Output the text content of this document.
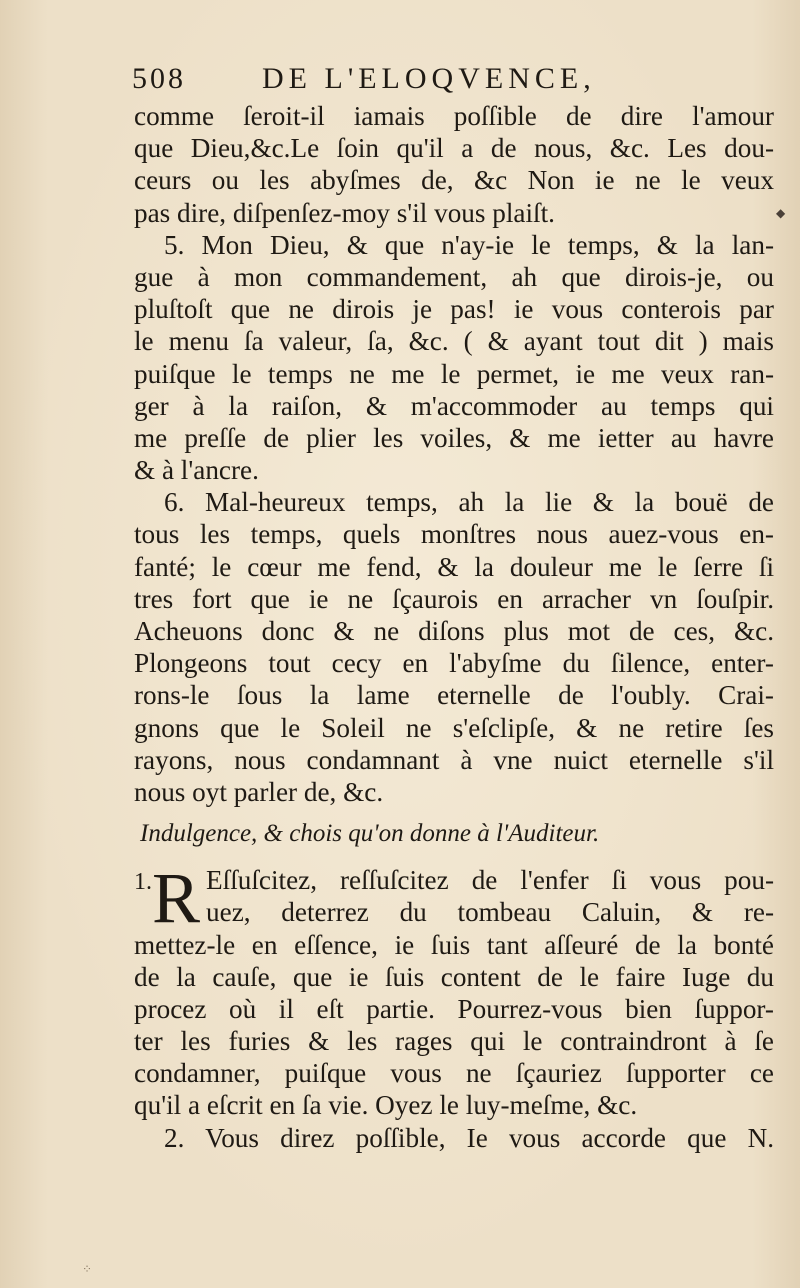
508	DE L'ELOQVENCE,
comme ſeroit-il iamais poſſible de dire l'amour
que Dieu,&c.Le ſoin qu'il a de nous, &c. Les dou-
ceurs ou les abyſmes de, &c Non ie ne le veux
pas dire, diſpenſez-moy s'il vous plaiſt.
5. Mon Dieu, & que n'ay-ie le temps, & la lan-
gue à mon commandement, ah que dirois-je, ou
pluſtoſt que ne dirois je pas! ie vous conterois par
le menu ſa valeur, ſa, &c. ( & ayant tout dit ) mais
puiſque le temps ne me le permet, ie me veux ran-
ger à la raiſon, & m'accommoder au temps qui
me preſſe de plier les voiles, & me ietter au havre
& à l'ancre.
6. Mal-heureux temps, ah la lie & la bouë de
tous les temps, quels monſtres nous auez-vous en-
fanté; le cœur me fend, & la douleur me le ſerre ſi
tres fort que ie ne ſçaurois en arracher vn ſouſpir.
Acheuons donc & ne diſons plus mot de ces, &c.
Plongeons tout cecy en l'abyſme du ſilence, enter-
rons-le ſous la lame eternelle de l'oubly. Crai-
gnons que le Soleil ne s'eſclipſe, & ne retire ſes
rayons, nous condamnant à vne nuict eternelle s'il
nous oyt parler de, &c.
Indulgence, & chois qu'on donne à l'Auditeur.
1. R Eſſuſcitez, reſſuſcitez de l'enfer ſi vous pou-
uez, deterrez du tombeau Caluin, & re-
mettez-le en eſſence, ie ſuis tant aſſeuré de la bonté
de la cauſe, que ie ſuis content de le faire Iuge du
procez où il eſt partie. Pourrez-vous bien ſuppor-
ter les furies & les rages qui le contraindront à ſe
condamner, puiſque vous ne ſçauriez ſupporter ce
qu'il a eſcrit en ſa vie. Oyez le luy-meſme, &c.
2. Vous direz poſſible, Ie vous accorde que N.
◆
⁘
